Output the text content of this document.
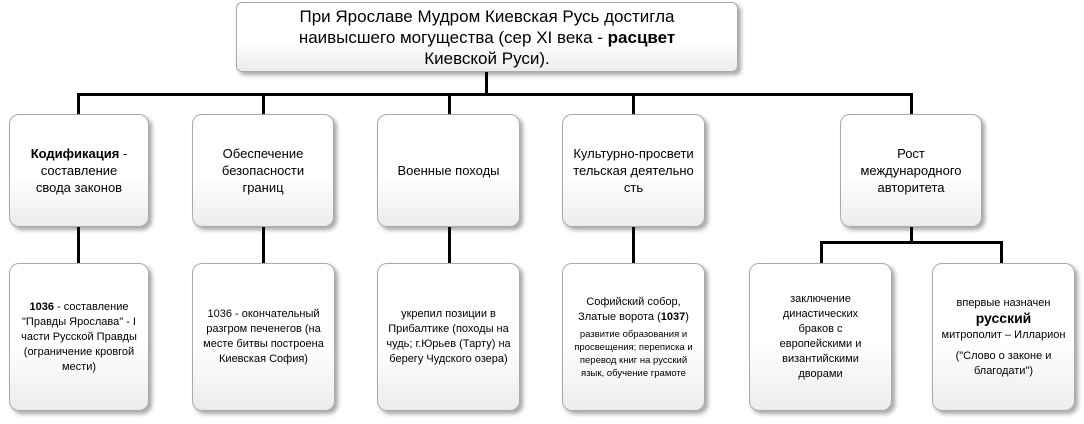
При Ярославе Мудром Киевская Русь достигла
наивысшего могущества (сер XI века - расцвет
Киевской Руси).
Кодификация - составление свода законов
Обеспечение безопасности границ
Военные походы
Культурно-просветительская деятельность
Рост международного авторитета
1036 - составление "Правды Ярослава" - I части Русской Правды
(ограничение кровгой мести)
1036 - окончательный разгром печенегов (на месте битвы построена Киевская София)
укрепил позиции в Прибалтике (походы на чудь; г.Юрьев (Тарту) на берегу Чудского озера)
Софийский собор, Златые ворота (1037)
развитие образования и просвещения; переписка и перевод книг на русский язык, обучение грамоте
заключение династических браков с европейскими и византийскими дворами
впервые назначен
русский
митрополит – Илларион
("Слово о законе и благодати")
